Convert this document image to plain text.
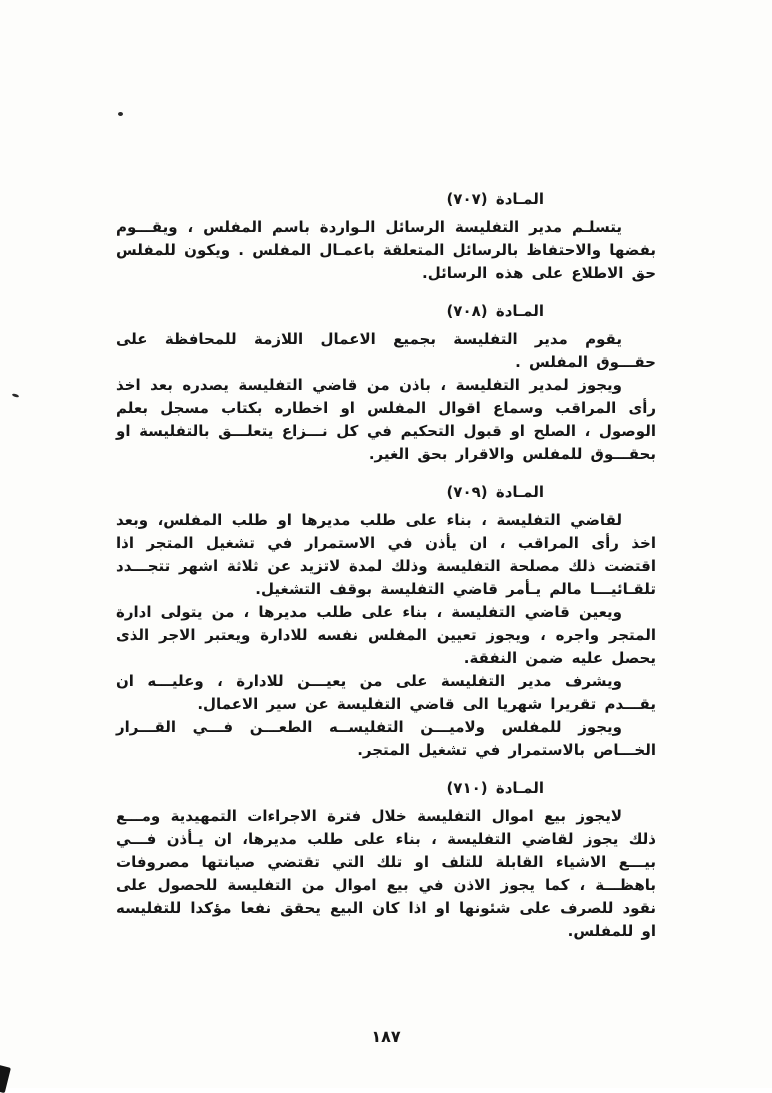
المـادة (٧٠٧)

يتسلـم مدير التفليسة الرسائل الـواردة باسم المفلس ، ويقـــوم بفضها والاحتفاظ بالرسائل المتعلقة باعمـال المفلس . ويكون للمفلس حق الاطلاع على هذه الرسائل.

المـادة (٧٠٨)

يقوم مدير التفليسة بجميع الاعمال اللازمة للمحافظة على حقـــوق المفلس .

ويجوز لمدير التفليسة ، باذن من قاضي التفليسة يصدره بعد اخذ رأى المراقب وسماع اقوال المفلس او اخطاره بكتاب مسجل بعلم الوصول ، الصلح او قبول التحكيم في كل نـــزاع يتعلـــق بالتفليسة او بحقـــوق للمفلس والاقرار بحق الغير.

المـادة (٧٠٩)

لقاضي التفليسة ، بناء على طلب مديرها او طلب المفلس، وبعد اخذ رأى المراقب ، ان يأذن في الاستمرار في تشغيل المتجر اذا اقتضت ذلك مصلحة التفليسة وذلك لمدة لاتزيد عن ثلاثة اشهر تتجـــدد تلقـائيـــا مالم يـأمر قاضي التفليسة بوقف التشغيل.

ويعين قاضي التفليسة ، بناء على طلب مديرها ، من يتولى ادارة المتجر واجره ، ويجوز تعيين المفلس نفسه للادارة ويعتبر الاجر الذى يحصل عليه ضمن النفقة.

ويشرف مدير التفليسة على من يعيـــن للادارة ، وعليـــه ان يقـــدم تقريرا شهريا الى قاضي التفليسة عن سير الاعمال.

ويجوز للمفلس ولاميـــن التفليســه الطعـــن فـــي القـــرار الخـــاص بالاستمرار في تشغيل المتجر.

المـادة (٧١٠)

لايجوز بيع اموال التفليسة خلال فترة الاجراءات التمهيدية ومـــع ذلك يجوز لقاضي التفليسة ، بناء على طلب مديرها، ان يـأذن فـــي بيـــع الاشياء القابلة للتلف او تلك التي تقتضي صيانتها مصروفات باهظـــة ، كما يجوز الاذن في بيع اموال من التفليسة للحصول على نقود للصرف على شئونها او اذا كان البيع يحقق نفعا مؤكدا للتفليسه او للمفلس.

١٨٧
